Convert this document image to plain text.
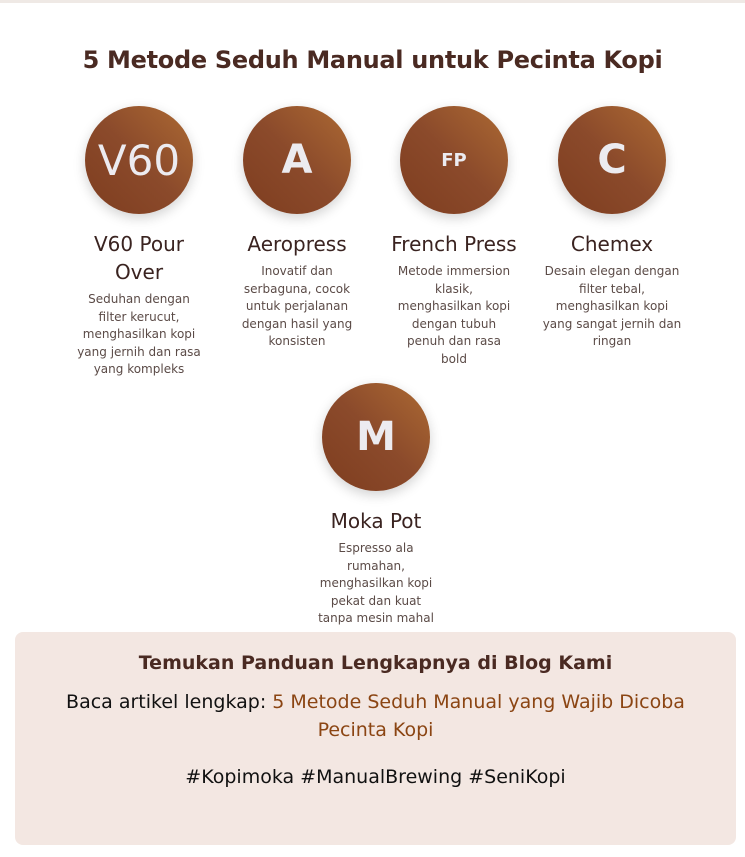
5 Metode Seduh Manual untuk Pecinta Kopi
V60
V60 Pour Over
Seduhan dengan filter kerucut, menghasilkan kopi yang jernih dan rasa yang kompleks
A
Aeropress
Inovatif dan serbaguna, cocok untuk perjalanan dengan hasil yang konsisten
FP
French Press
Metode immersion klasik, menghasilkan kopi dengan tubuh penuh dan rasa bold
C
Chemex
Desain elegan dengan filter tebal, menghasilkan kopi yang sangat jernih dan ringan
M
Moka Pot
Espresso ala rumahan, menghasilkan kopi pekat dan kuat tanpa mesin mahal
Temukan Panduan Lengkapnya di Blog Kami
Baca artikel lengkap: 5 Metode Seduh Manual yang Wajib Dicoba Pecinta Kopi
#Kopimoka #ManualBrewing #SeniKopi
